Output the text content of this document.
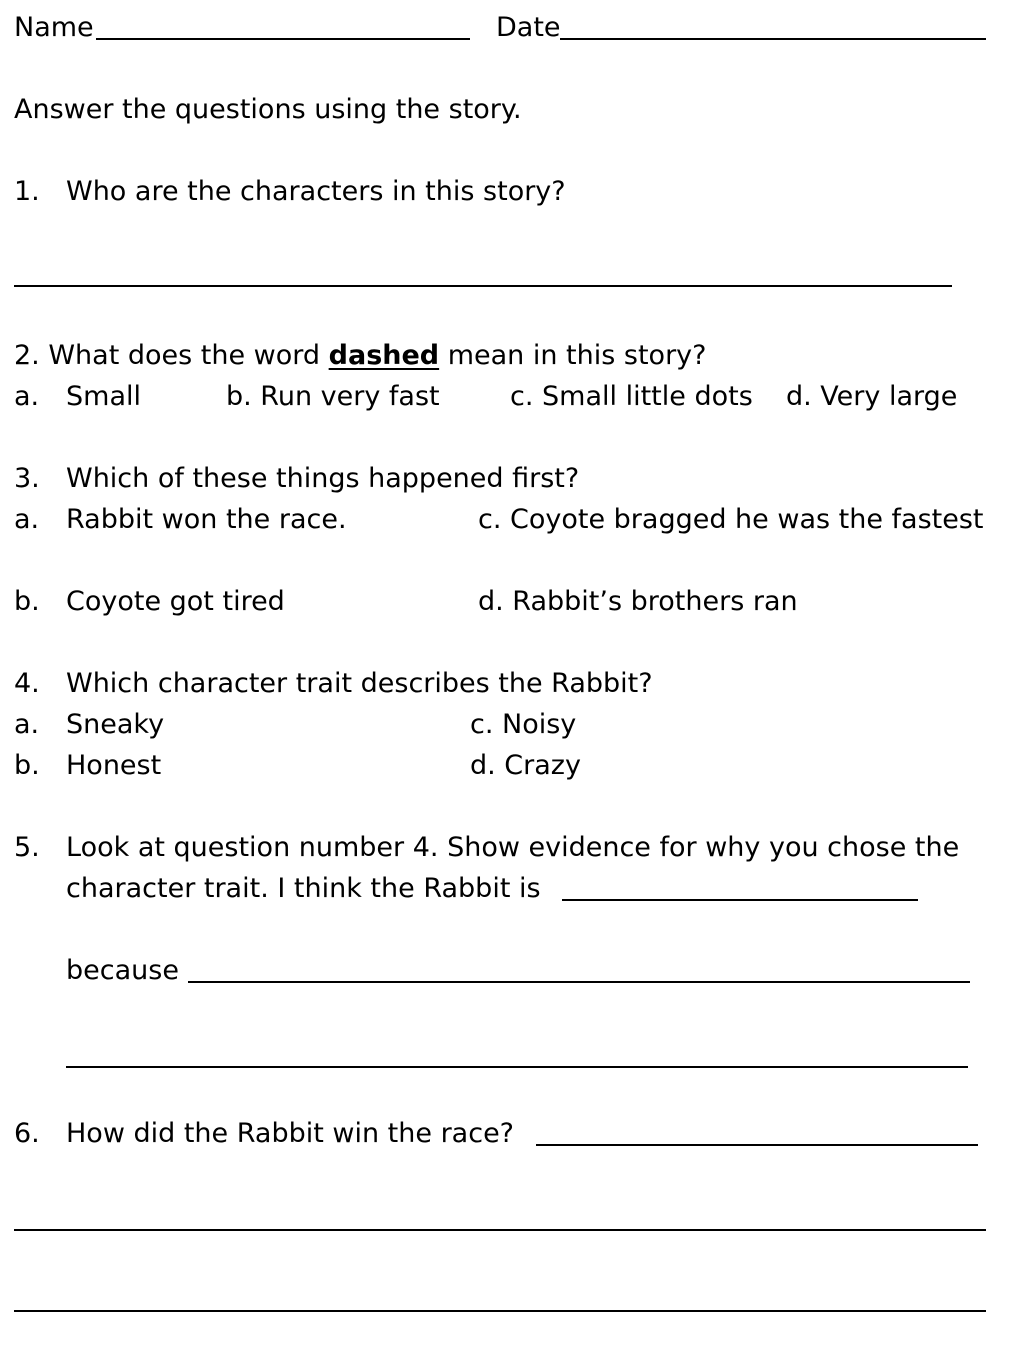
Name	Date
Answer the questions using the story.
1. Who are the characters in this story?
2. What does the word dashed mean in this story?
a. Small	b. Run very fast	c. Small little dots d. Very large
3. Which of these things happened first?
a. Rabbit won the race.	c. Coyote bragged he was the fastest
b. Coyote got tired	d. Rabbit’s brothers ran
4. Which character trait describes the Rabbit?
a. Sneaky	c. Noisy
b. Honest	d. Crazy
5. Look at question number 4. Show evidence for why you chose the
character trait. I think the Rabbit is
because
6. How did the Rabbit win the race?
